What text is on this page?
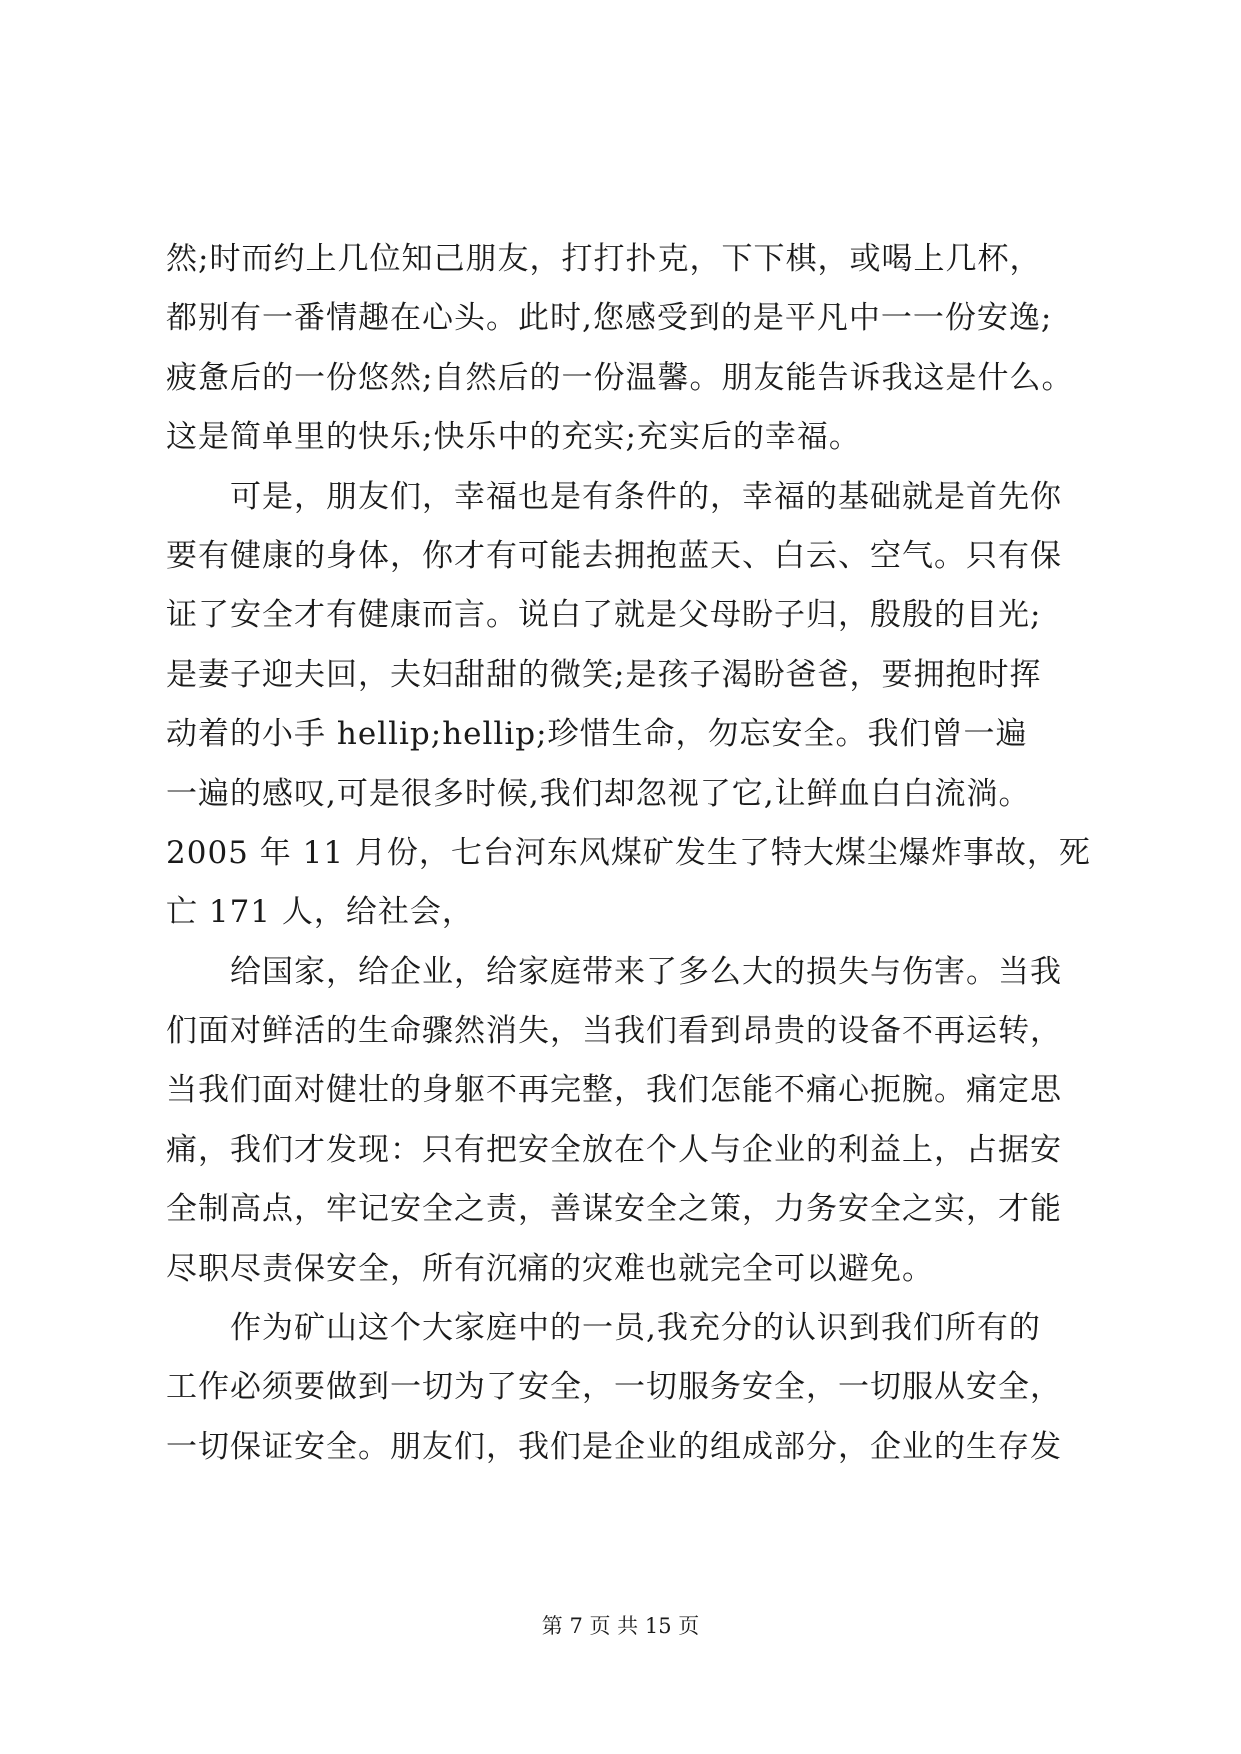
然;时而约上几位知己朋友，打打扑克，下下棋，或喝上几杯，
都别有一番情趣在心头。此时,您感受到的是平凡中一一份安逸;
疲惫后的一份悠然;自然后的一份温馨。朋友能告诉我这是什么。
这是简单里的快乐;快乐中的充实;充实后的幸福。
可是，朋友们，幸福也是有条件的，幸福的基础就是首先你
要有健康的身体，你才有可能去拥抱蓝天、白云、空气。只有保
证了安全才有健康而言。说白了就是父母盼子归，殷殷的目光;
是妻子迎夫回，夫妇甜甜的微笑;是孩子渴盼爸爸，要拥抱时挥
动着的小手 hellip;hellip;珍惜生命，勿忘安全。我们曾一遍
一遍的感叹,可是很多时候,我们却忽视了它,让鲜血白白流淌。
2005 年 11 月份，七台河东风煤矿发生了特大煤尘爆炸事故，死
亡 171 人，给社会，
给国家，给企业，给家庭带来了多么大的损失与伤害。当我
们面对鲜活的生命骤然消失，当我们看到昂贵的设备不再运转，
当我们面对健壮的身躯不再完整，我们怎能不痛心扼腕。痛定思
痛，我们才发现：只有把安全放在个人与企业的利益上，占据安
全制高点，牢记安全之责，善谋安全之策，力务安全之实，才能
尽职尽责保安全，所有沉痛的灾难也就完全可以避免。
作为矿山这个大家庭中的一员,我充分的认识到我们所有的
工作必须要做到一切为了安全，一切服务安全，一切服从安全，
一切保证安全。朋友们，我们是企业的组成部分，企业的生存发
第 7 页 共 15 页
